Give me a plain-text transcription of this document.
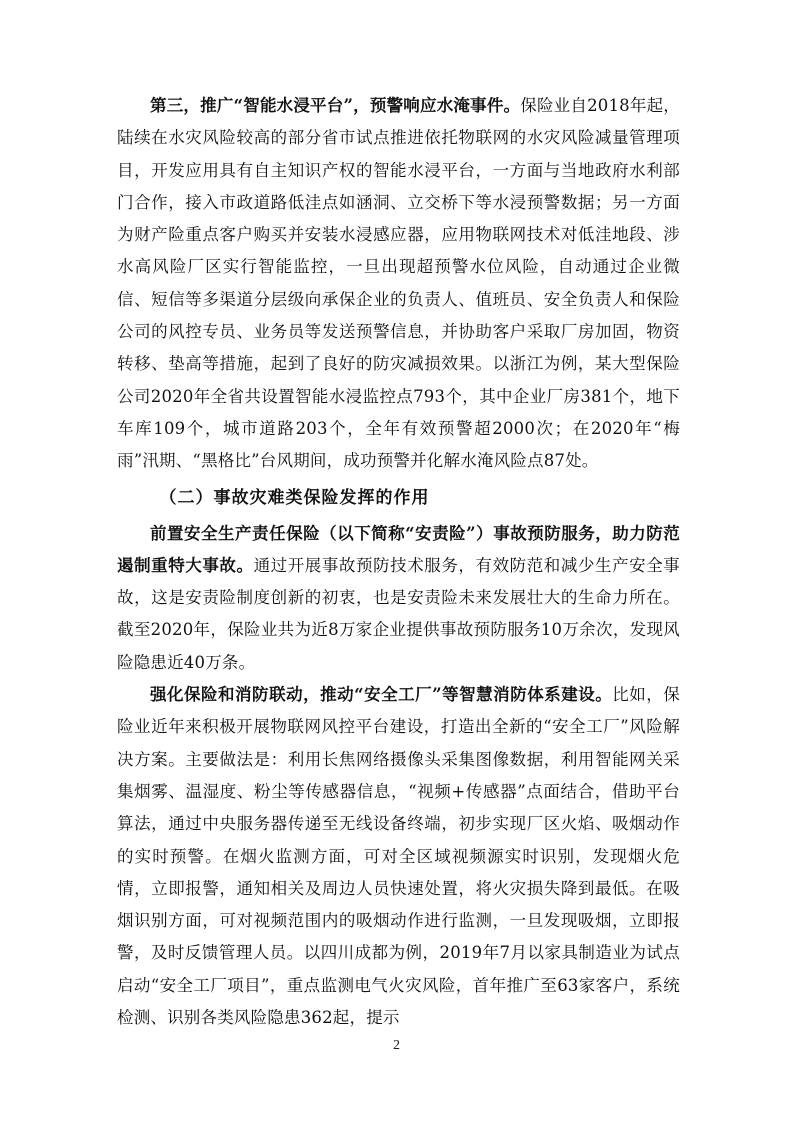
第三，推广“智能水浸平台”，预警响应水淹事件。保险业自2018年起，陆续在水灾风险较高的部分省市试点推进依托物联网的水灾风险减量管理项目，开发应用具有自主知识产权的智能水浸平台，一方面与当地政府水利部门合作，接入市政道路低洼点如涵洞、立交桥下等水浸预警数据；另一方面为财产险重点客户购买并安装水浸感应器，应用物联网技术对低洼地段、涉水高风险厂区实行智能监控，一旦出现超预警水位风险，自动通过企业微信、短信等多渠道分层级向承保企业的负责人、值班员、安全负责人和保险公司的风控专员、业务员等发送预警信息，并协助客户采取厂房加固，物资转移、垫高等措施，起到了良好的防灾减损效果。以浙江为例，某大型保险公司2020年全省共设置智能水浸监控点793个，其中企业厂房381个，地下车库109个，城市道路203个，全年有效预警超2000次；在2020年“梅雨”汛期、“黑格比”台风期间，成功预警并化解水淹风险点87处。

（二）事故灾难类保险发挥的作用

前置安全生产责任保险（以下简称“安责险”）事故预防服务，助力防范遏制重特大事故。通过开展事故预防技术服务，有效防范和减少生产安全事故，这是安责险制度创新的初衷，也是安责险未来发展壮大的生命力所在。截至2020年，保险业共为近8万家企业提供事故预防服务10万余次，发现风险隐患近40万条。

强化保险和消防联动，推动“安全工厂”等智慧消防体系建设。比如，保险业近年来积极开展物联网风控平台建设，打造出全新的“安全工厂”风险解决方案。主要做法是：利用长焦网络摄像头采集图像数据，利用智能网关采集烟雾、温湿度、粉尘等传感器信息，“视频+传感器”点面结合，借助平台算法，通过中央服务器传递至无线设备终端，初步实现厂区火焰、吸烟动作的实时预警。在烟火监测方面，可对全区域视频源实时识别，发现烟火危情，立即报警，通知相关及周边人员快速处置，将火灾损失降到最低。在吸烟识别方面，可对视频范围内的吸烟动作进行监测，一旦发现吸烟，立即报警，及时反馈管理人员。以四川成都为例，2019年7月以家具制造业为试点启动“安全工厂项目”，重点监测电气火灾风险，首年推广至63家客户，系统检测、识别各类风险隐患362起，提示

2
